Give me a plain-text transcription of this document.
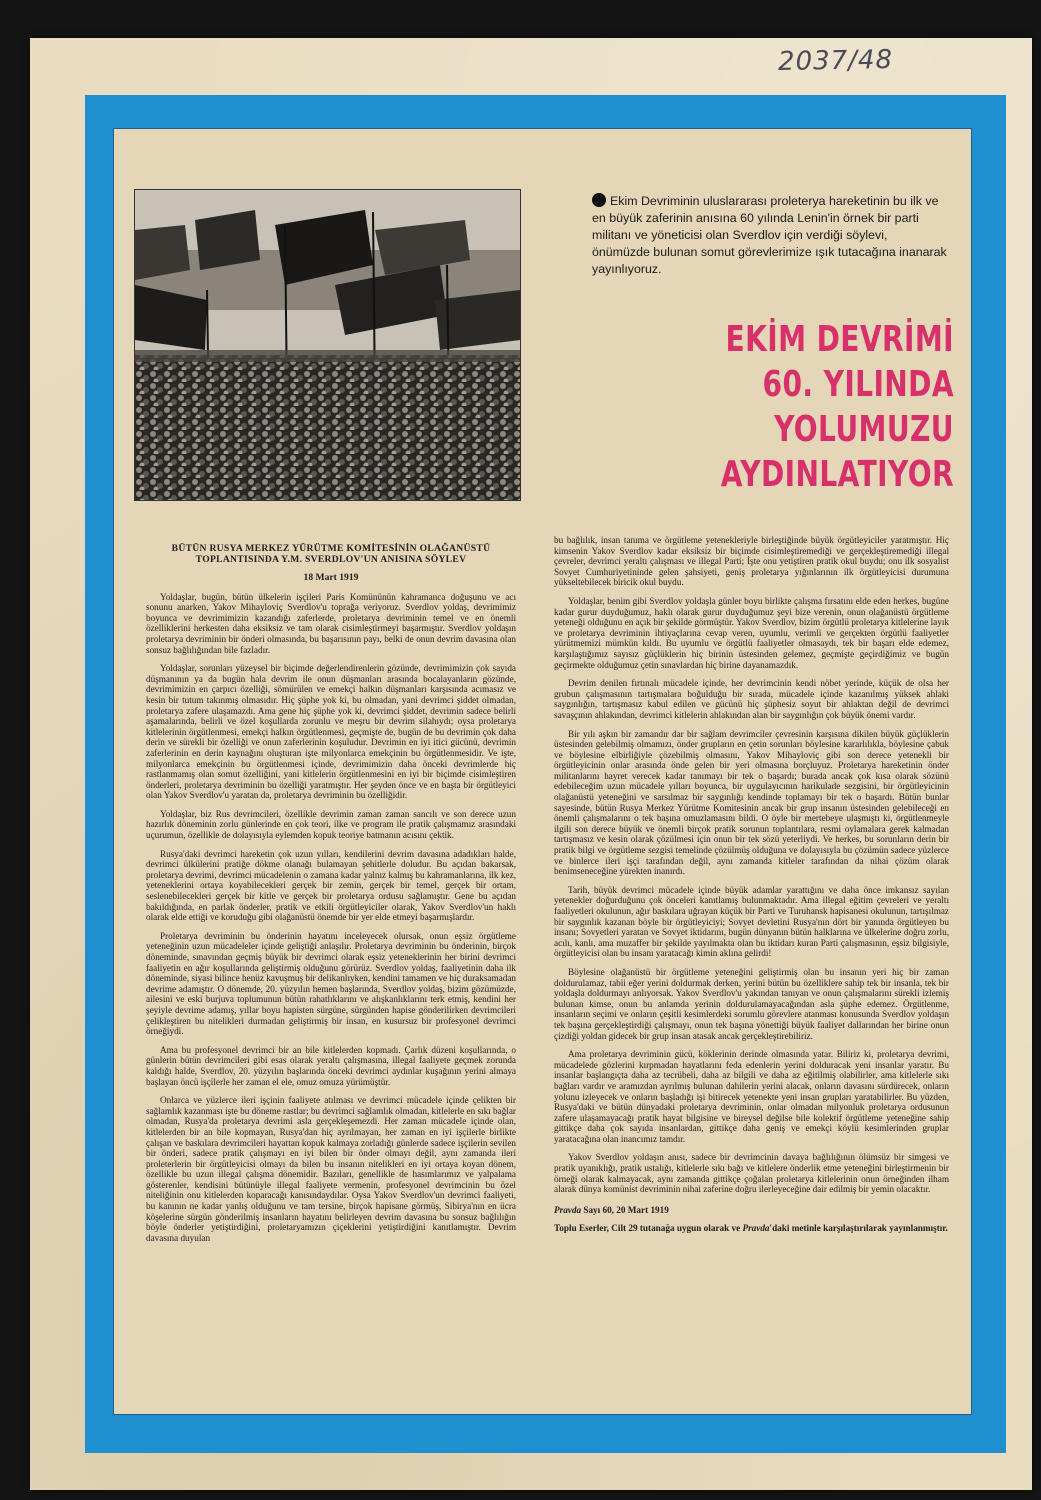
2037/48
Ekim Devriminin uluslararası proleterya hareketinin bu ilk ve en büyük zaferinin anısına 60 yılında Lenin'in örnek bir parti militanı ve yöneticisi olan Sverdlov için verdiği söylevi, önümüzde bulunan somut görevlerimize ışık tutacağına inanarak yayınlıyoruz.
EKİM DEVRİMİ
60. YILINDA
YOLUMUZU
AYDINLATIYOR

BÜTÜN RUSYA MERKEZ YÜRÜTME KOMİTESİNİN OLAĞANÜSTÜ TOPLANTISINDA Y.M. SVERDLOV'UN ANISINA SÖYLEV

18 Mart 1919

Yoldaşlar, bugün, bütün ülkelerin işçileri Paris Komününün kahramanca doğuşunu ve acı sonunu anarken, Yakov Mihayloviç Sverdlov'u toprağa veriyoruz. Sverdlov yoldaş, devrimimiz boyunca ve devrimimizin kazandığı zaferlerde, proletarya devriminin temel ve en önemli özelliklerini herkesten daha eksiksiz ve tam olarak cisimleştirmeyi başarmıştır. Sverdlov yoldaşın proletarya devriminin bir önderi olmasında, bu başarısının payı, belki de onun devrim davasına olan sonsuz bağlılığından bile fazladır.

Yoldaşlar, sorunları yüzeysel bir biçimde değerlendirenlerin gözünde, devrimimizin çok sayıda düşmanının ya da bugün hala devrim ile onun düşmanları arasında bocalayanların gözünde, devrimimizin en çarpıcı özelliği, sömürülen ve emekçi halkın düşmanları karşısında acımasız ve kesin bir tutum takınmış olmasıdır. Hiç şüphe yok ki, bu olmadan, yani devrimci şiddet olmadan, proletarya zafere ulaşamazdı. Ama gene hiç şüphe yok ki, devrimci şiddet, devrimin sadece belirli aşamalarında, belirli ve özel koşullarda zorunlu ve meşru bir devrim silahıydı; oysa proletarya kitlelerinin örgütlenmesi, emekçi halkın örgütlenmesi, geçmişte de, bugün de bu devrimin çok daha derin ve sürekli bir özelliği ve onun zaferlerinin koşuludur. Devrimin en iyi itici gücünü, devrimin zaferlerinin en derin kaynağını oluşturan işte milyonlarca emekçinin bu örgütlenmesidir. Ve işte, milyonlarca emekçinin bu örgütlenmesi içinde, devrimimizin daha önceki devrimlerde hiç rastlanmamış olan somut özelliğini, yani kitlelerin örgütlenmesini en iyi bir biçimde cisimleştiren önderleri, proletarya devriminin bu özelliği yaratmıştır. Her şeyden önce ve en başta bir örgütleyici olan Yakov Sverdlov'u yaratan da, proletarya devriminin bu özelliğidir.

Yoldaşlar, biz Rus devrimcileri, özellikle devrimin zaman zaman sancılı ve son derece uzun hazırlık döneminin zorlu günlerinde en çok teori, ilke ve program ile pratik çalışmamız arasındaki uçurumun, özellikle de dolayısıyla eylemden kopuk teoriye batmanın acısını çektik.

Rusya'daki devrimci hareketin çok uzun yılları, kendilerini devrim davasına adadıkları halde, devrimci ülkülerini pratiğe dökme olanağı bulamayan şehitlerle doludur. Bu açıdan bakarsak, proletarya devrimi, devrimci mücadelenin o zamana kadar yalnız kalmış bu kahramanlarına, ilk kez, yeteneklerini ortaya koyabilecekleri gerçek bir zemin, gerçek bir temel, gerçek bir ortam, seslenebilecekleri gerçek bir kitle ve gerçek bir proletarya ordusu sağlamıştır. Gene bu açıdan bakıldığında, en parlak önderler, pratik ve etkili örgütleyiciler olarak, Yakov Sverdlov'un haklı olarak elde ettiği ve koruduğu gibi olağanüstü önemde bir yer elde etmeyi başarmışlardır.

Proletarya devriminin bu önderinin hayatını inceleyecek olursak, onun eşsiz örgütleme yeteneğinin uzun mücadeleler içinde geliştiği anlaşılır. Proletarya devriminin bu önderinin, birçok döneminde, sınavından geçmiş büyük bir devrimci olarak eşsiz yeteneklerinin her birini devrimci faaliyetin en ağır koşullarında geliştirmiş olduğunu görürüz. Sverdlov yoldaş, faaliyetinin daha ilk döneminde, siyasi bilince henüz kavuşmuş bir delikanlıyken, kendini tamamen ve hiç duraksamadan devrime adamıştır. O dönemde, 20. yüzyılın hemen başlarında, Sverdlov yoldaş, bizim gözümüzde, ailesini ve eski burjuva toplumunun bütün rahatlıklarını ve alışkanlıklarını terk etmiş, kendini her şeyiyle devrime adamış, yıllar boyu hapisten sürgüne, sürgünden hapise gönderilirken devrimcileri çelikleştiren bu nitelikleri durmadan geliştirmiş bir insan, en kusursuz bir profesyonel devrimci örneğiydi.

Ama bu profesyonel devrimci bir an bile kitlelerden kopmadı. Çarlık düzeni koşullarında, o günlerin bütün devrimcileri gibi esas olarak yeraltı çalışmasına, illegal faaliyete geçmek zorunda kaldığı halde, Sverdlov, 20. yüzyılın başlarında önceki devrimci aydınlar kuşağının yerini almaya başlayan öncü işçilerle her zaman el ele, omuz omuza yürümüştür.

Onlarca ve yüzlerce ileri işçinin faaliyete atılması ve devrimci mücadele içinde çelikten bir sağlamlık kazanması işte bu döneme rastlar; bu devrimci sağlamlık olmadan, kitlelerle en sıkı bağlar olmadan, Rusya'da proletarya devrimi asla gerçekleşemezdi. Her zaman mücadele içinde olan, kitlelerden bir an bile kopmayan, Rusya'dan hiç ayrılmayan, her zaman en iyi işçilerle birlikte çalışan ve baskılara devrimcileri hayattan kopuk kalmaya zorladığı günlerde sadece işçilerin sevilen bir önderi, sadece pratik çalışmayı en iyi bilen bir önder olmayı değil, aynı zamanda ileri proleterlerin bir örgütleyicisi olmayı da bilen bu insanın nitelikleri en iyi ortaya koyan dönem, özellikle bu uzun illegal çalışma dönemidir. Bazıları, genellikle de hasımlarımız ve yalpalama gösterenler, kendisini bütünüyle illegal faaliyete vermenin, profesyonel devrimcinin bu özel niteliğinin onu kitlelerden koparacağı kanısındaydılar. Oysa Yakov Sverdlov'un devrimci faaliyeti, bu kanının ne kadar yanlış olduğunu ve tam tersine, birçok hapisane görmüş, Sibirya'nın en ücra köşelerine sürgün gönderilmiş insanların hayatını belirleyen devrim davasına bu sonsuz bağlılığın böyle önderler yetiştirdiğini, proletaryamızın çiçeklerini yetiştirdiğini kanıtlamıştır. Devrim davasına duyulan

bu bağlılık, insan tanıma ve örgütleme yetenekleriyle birleştiğinde büyük örgütleyiciler yaratmıştır. Hiç kimsenin Yakov Sverdlov kadar eksiksiz bir biçimde cisimleştiremediği ve gerçekleştiremediği illegal çevreler, devrimci yeraltı çalışması ve illegal Parti; İşte onu yetiştiren pratik okul buydu; onu ilk sosyalist Sovyet Cumhuriyetininde gelen şahsiyeti, geniş proletarya yığınlarının ilk örgütleyicisi durumuna yükseltebilecek biricik okul buydu.

Yoldaşlar, benim gibi Sverdlov yoldaşla günler boyu birlikte çalışma fırsatını elde eden herkes, bugüne kadar gurur duyduğumuz, haklı olarak gurur duyduğumuz şeyi bize verenin, onun olağanüstü örgütleme yeteneği olduğunu en açık bir şekilde görmüştür. Yakov Sverdlov, bizim örgütlü proletarya kitlelerine layık ve proletarya devriminin ihtiyaçlarına cevap veren, uyumlu, verimli ve gerçekten örgütlü faaliyetler yürütmemizi mümkün kıldı. Bu uyumlu ve örgütlü faaliyetler olmasaydı, tek bir başarı elde edemez, karşılaştığımız sayısız güçlüklerin hiç birinin üstesinden gelemez, geçmişte geçirdiğimiz ve bugün geçirmekte olduğumuz çetin sınavlardan hiç birine dayanamazdık.

Devrim denilen fırtınalı mücadele içinde, her devrimcinin kendi nöbet yerinde, küçük de olsa her grubun çalışmasının tartışmalara boğulduğu bir sırada, mücadele içinde kazanılmış yüksek ahlaki saygınlığın, tartışmasız kabul edilen ve gücünü hiç şüphesiz soyut bir ahlaktan değil de devrimci savaşçının ahlakından, devrimci kitlelerin ahlakından alan bir saygınlığın çok büyük önemi vardır.

Bir yılı aşkın bir zamandır dar bir sağlam devrimciler çevresinin karşısına dikilen büyük güçlüklerin üstesinden gelebilmiş olmamızı, önder grupların en çetin sorunları böylesine kararlılıkla, böylesine çabuk ve böylesine elbirliğiyle çözebilmiş olmasını, Yakov Mihayloviç gibi son derece yetenekli bir örgütleyicinin onlar arasında önde gelen bir yeri olmasına borçluyuz. Proletarya hareketinin önder militanlarını hayret verecek kadar tanımayı bir tek o başardı; burada ancak çok kısa olarak sözünü edebileceğim uzun mücadele yılları boyunca, bir uygulayıcının harikulade sezgisini, bir örgütleyicinin olağanüstü yeteneğini ve sarsılmaz bir saygınlığı kendinde toplamayı bir tek o başardı. Bütün bunlar sayesinde, bütün Rusya Merkez Yürütme Komitesinin ancak bir grup insanın üstesinden gelebileceği en önemli çalışmalarını o tek başına omuzlamasını bildi. O öyle bir mertebeye ulaşmıştı ki, örgütlenmeyle ilgili son derece büyük ve önemli birçok pratik sorunun toplantılara, resmi oylamalara gerek kalmadan tartışmasız ve kesin olarak çözülmesi için onun bir tek sözü yeterliydi. Ve herkes, bu sorunların derin bir pratik bilgi ve örgütleme sezgisi temelinde çözülmüş olduğuna ve dolayısıyla bu çözümün sadece yüzlerce ve binlerce ileri işçi tarafından değil, aynı zamanda kitleler tarafından da nihai çözüm olarak benimseneceğine yürekten inanırdı.

Tarih, büyük devrimci mücadele içinde büyük adamlar yarattığını ve daha önce imkansız sayılan yetenekler doğurduğunu çok önceleri kanıtlamış bulunmaktadır. Ama illegal eğitim çevreleri ve yeraltı faaliyetleri okulunun, ağır baskılara uğrayan küçük bir Parti ve Turuhansk hapisanesi okulunun, tartışılmaz bir saygınlık kazanan böyle bir örgütleyiciyi; Sovyet devletini Rusya'nın dört bir yanında örgütleyen bu insanı; Sovyetleri yaratan ve Sovyet iktidarını, bugün dünyanın bütün halklarına ve ülkelerine doğru zorlu, acılı, kanlı, ama muzaffer bir şekilde yayılmakta olan bu iktidarı kuran Parti çalışmasının, eşsiz bilgisiyle, örgütleyicisi olan bu insanı yaratacağı kimin aklına gelirdi!

Böylesine olağanüstü bir örgütleme yeteneğini geliştirmiş olan bu insanın yeri hiç bir zaman doldurulamaz, tabii eğer yerini doldurmak derken, yerini bütün bu özelliklere sahip tek bir insanla, tek bir yoldaşla doldurmayı anlıyorsak. Yakov Sverdlov'u yakından tanıyan ve onun çalışmalarını sürekli izlemiş bulunan kimse, onun bu anlamda yerinin doldurulamayacağından asla şüphe edemez. Örgütlenme, insanların seçimi ve onların çeşitli kesimlerdeki sorumlu görevlere atanması konusunda Sverdlov yoldaşın tek başına gerçekleştirdiği çalışmayı, onun tek başına yönettiği büyük faaliyet dallarından her birine onun çizdiği yoldan gidecek bir grup insan atasak ancak gerçekleştirebiliriz.

Ama proletarya devriminin gücü, köklerinin derinde olmasında yatar. Biliriz ki, proletarya devrimi, mücadelede gözlerini kırpmadan hayatlarını feda edenlerin yerini dolduracak yeni insanlar yaratır. Bu insanlar başlangıçta daha az tecrübeli, daha az bilgili ve daha az eğitilmiş olabilirler, ama kitlelerle sıkı bağları vardır ve aramızdan ayrılmış bulunan dahilerin yerini alacak, onların davasını sürdürecek, onların yolunu izleyecek ve onların başladığı işi bitirecek yetenekte yeni insan grupları yaratabilirler. Bu yüzden, Rusya'daki ve bütün dünyadaki proletarya devriminin, onlar olmadan milyonluk proletarya ordusunun zafere ulaşamayacağı pratik hayat bilgisine ve bireysel değilse bile kolektif örgütleme yeteneğine sahip gittikçe daha çok sayıda insanlardan, gittikçe daha geniş ve emekçi köylü kesimlerinden gruplar yaratacağına olan inancımız tamdır.

Yakov Sverdlov yoldaşın anısı, sadece bir devrimcinin davaya bağlılığının ölümsüz bir simgesi ve pratik uyanıklığı, pratik ustalığı, kitlelerle sıkı bağı ve kitlelere önderlik etme yeteneğini birleştirmenin bir örneği olarak kalmayacak, aynı zamanda gittikçe çoğalan proletarya kitlelerinin onun örneğinden ilham alarak dünya komünist devriminin nihai zaferine doğru ilerleyeceğine dair edilmiş bir yemin olacaktır.

Pravda Sayı 60, 20 Mart 1919

Toplu Eserler, Cilt 29 tutanağa uygun olarak ve Pravda'daki metinle karşılaştırılarak yayınlanmıştır.
